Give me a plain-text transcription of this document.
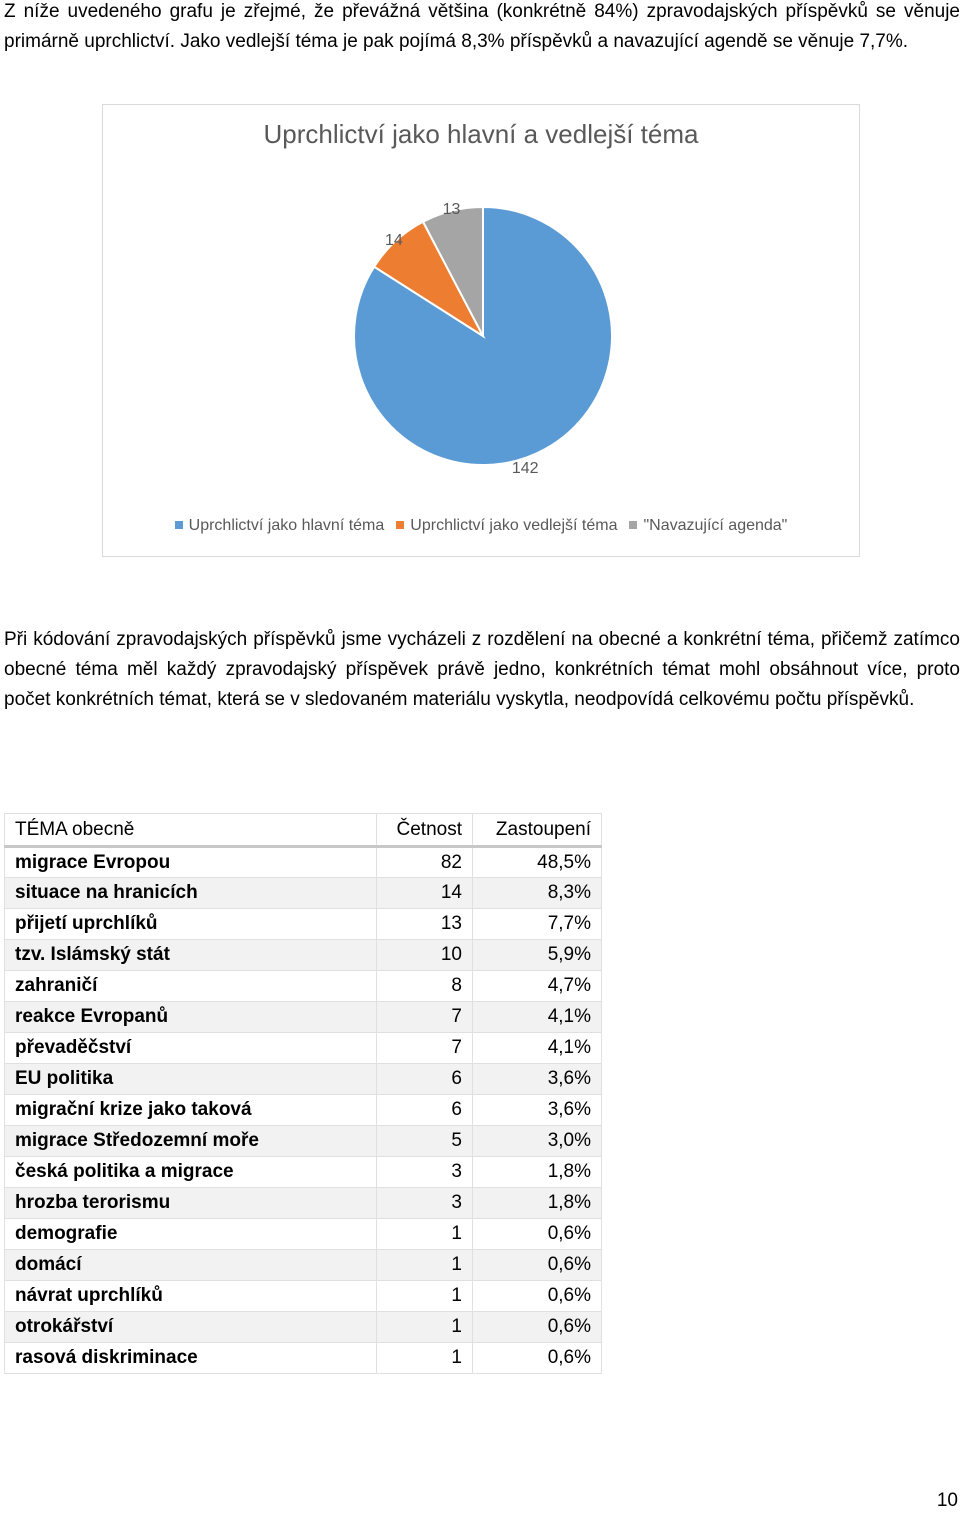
Z níže uvedeného grafu je zřejmé, že převážná většina (konkrétně 84%) zpravodajských příspěvků se věnuje primárně uprchlictví. Jako vedlejší téma je pak pojímá 8,3% příspěvků a navazující agendě se věnuje 7,7%.

Uprchlictví jako hlavní a vedlejší téma
142
14
13
Uprchlictví jako hlavní téma Uprchlictví jako vedlejší téma "Navazující agenda"

Při kódování zpravodajských příspěvků jsme vycházeli z rozdělení na obecné a konkrétní téma, přičemž zatímco obecné téma měl každý zpravodajský příspěvek právě jedno, konkrétních témat mohl obsáhnout více, proto počet konkrétních témat, která se v sledovaném materiálu vyskytla, neodpovídá celkovému počtu příspěvků.

TÉMA obecně	Četnost	Zastoupení
migrace Evropou	82	48,5%
situace na hranicích	14	8,3%
přijetí uprchlíků	13	7,7%
tzv. Islámský stát	10	5,9%
zahraničí	8	4,7%
reakce Evropanů	7	4,1%
převaděčství	7	4,1%
EU politika	6	3,6%
migrační krize jako taková	6	3,6%
migrace Středozemní moře	5	3,0%
česká politika a migrace	3	1,8%
hrozba terorismu	3	1,8%
demografie	1	0,6%
domácí	1	0,6%
návrat uprchlíků	1	0,6%
otrokářství	1	0,6%
rasová diskriminace	1	0,6%
10
